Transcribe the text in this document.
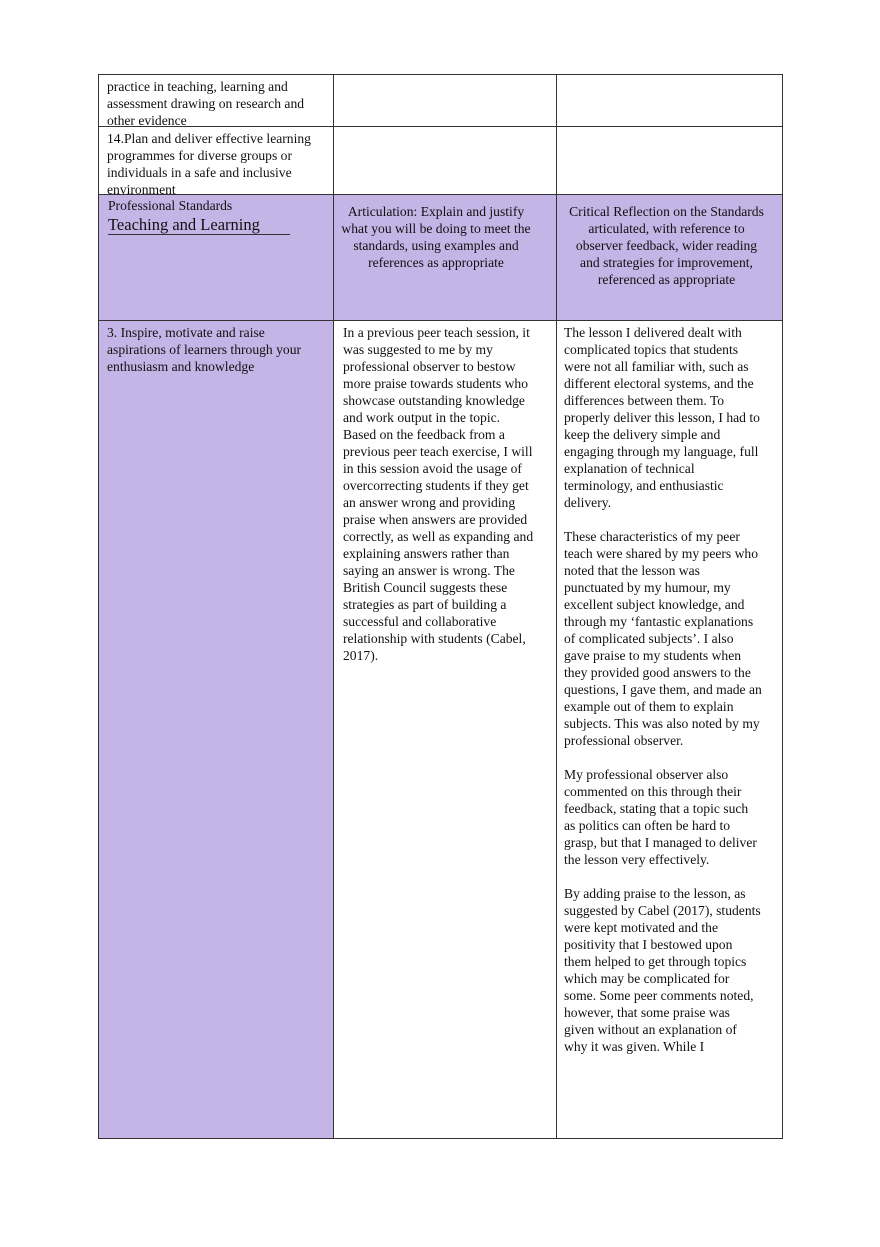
practice in teaching, learning and assessment drawing on research and other evidence
14.Plan and deliver effective learning programmes for diverse groups or individuals in a safe and inclusive environment
Professional Standards
Teaching and Learning
Articulation: Explain and justify what you will be doing to meet the standards, using examples and references as appropriate
Critical Reflection on the Standards articulated, with reference to observer feedback, wider reading and strategies for improvement, referenced as appropriate
3. Inspire, motivate and raise aspirations of learners through your enthusiasm and knowledge
In a previous peer teach session, it was suggested to me by my professional observer to bestow more praise towards students who showcase outstanding knowledge and work output in the topic. Based on the feedback from a previous peer teach exercise, I will in this session avoid the usage of overcorrecting students if they get an answer wrong and providing praise when answers are provided correctly, as well as expanding and explaining answers rather than saying an answer is wrong. The British Council suggests these strategies as part of building a successful and collaborative relationship with students (Cabel, 2017).

The lesson I delivered dealt with complicated topics that students were not all familiar with, such as different electoral systems, and the differences between them. To properly deliver this lesson, I had to keep the delivery simple and engaging through my language, full explanation of technical terminology, and enthusiastic delivery.

These characteristics of my peer teach were shared by my peers who noted that the lesson was punctuated by my humour, my excellent subject knowledge, and through my ‘fantastic explanations of complicated subjects’. I also gave praise to my students when they provided good answers to the questions, I gave them, and made an example out of them to explain subjects. This was also noted by my professional observer.

My professional observer also commented on this through their feedback, stating that a topic such as politics can often be hard to grasp, but that I managed to deliver the lesson very effectively.

By adding praise to the lesson, as suggested by Cabel (2017), students were kept motivated and the positivity that I bestowed upon them helped to get through topics which may be complicated for some. Some peer comments noted, however, that some praise was given without an explanation of why it was given. While I
